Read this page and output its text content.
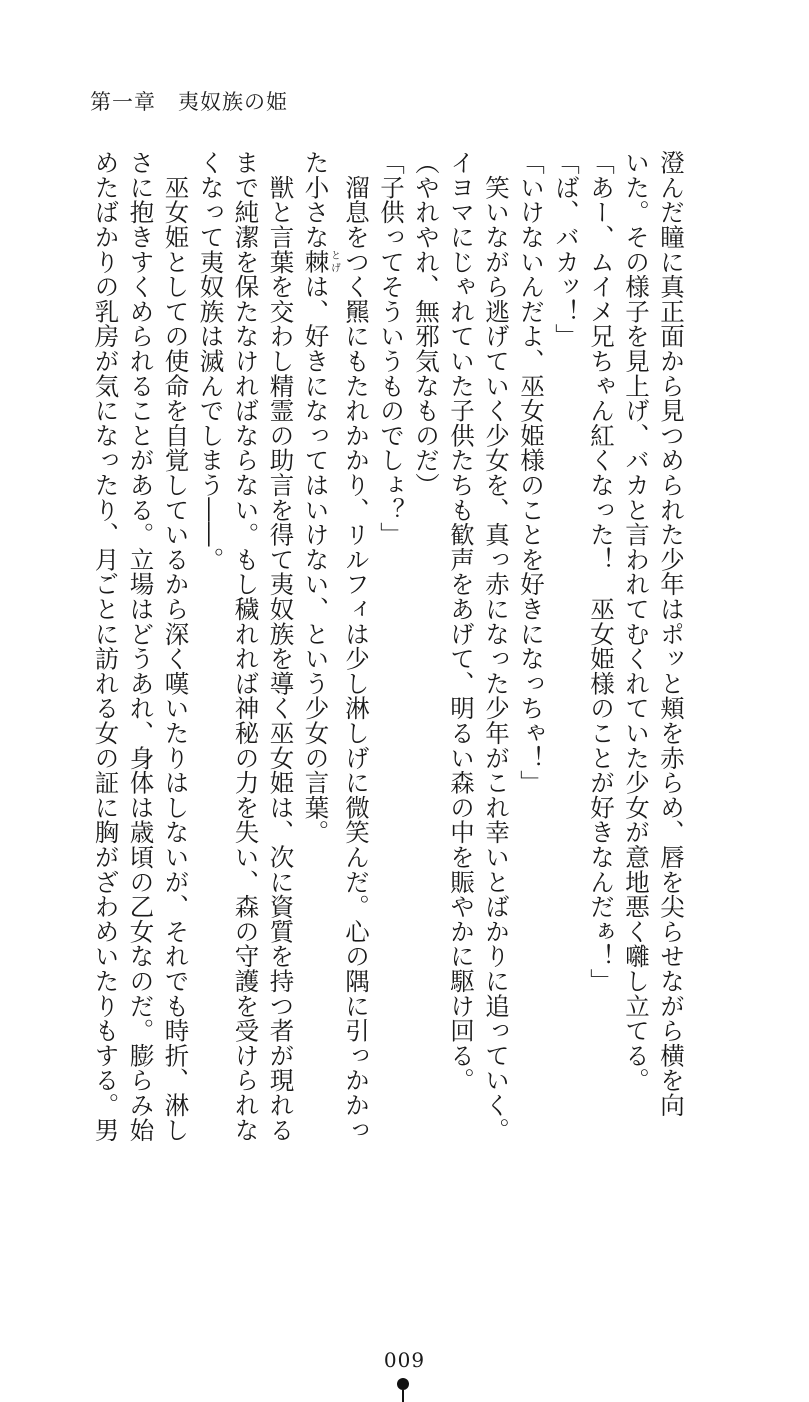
第一章　夷奴族の姫
澄んだ瞳に真正面から見つめられた少年はポッと頬を赤らめ、唇を尖らせながら横を向
いた。その様子を見上げ、バカと言われてむくれていた少女が意地悪く囃し立てる。
「あー、ムイメ兄ちゃん紅くなった！　巫女姫様のことが好きなんだぁ！」
「ば、バカッ！」
「いけないんだよ、巫女姫様のことを好きになっちゃ！」
　笑いながら逃げていく少女を、真っ赤になった少年がこれ幸いとばかりに追っていく。
イヨマにじゃれていた子供たちも歓声をあげて、明るい森の中を賑やかに駆け回る。
（やれやれ、無邪気なものだ）
「子供ってそういうものでしょ？」
　溜息をつく羆にもたれかかり、リルフィは少し淋しげに微笑んだ。心の隅に引っかかっ
た小さな棘とげは、好きになってはいけない、という少女の言葉。
　獣と言葉を交わし精霊の助言を得て夷奴族を導く巫女姫は、次に資質を持つ者が現れる
まで純潔を保たなければならない。もし穢れれば神秘の力を失い、森の守護を受けられな
くなって夷奴族は滅んでしまう――。
　巫女姫としての使命を自覚しているから深く嘆いたりはしないが、それでも時折、淋し
さに抱きすくめられることがある。立場はどうあれ、身体は歳頃の乙女なのだ。膨らみ始
めたばかりの乳房が気になったり、月ごとに訪れる女の証に胸がざわめいたりもする。男
009
